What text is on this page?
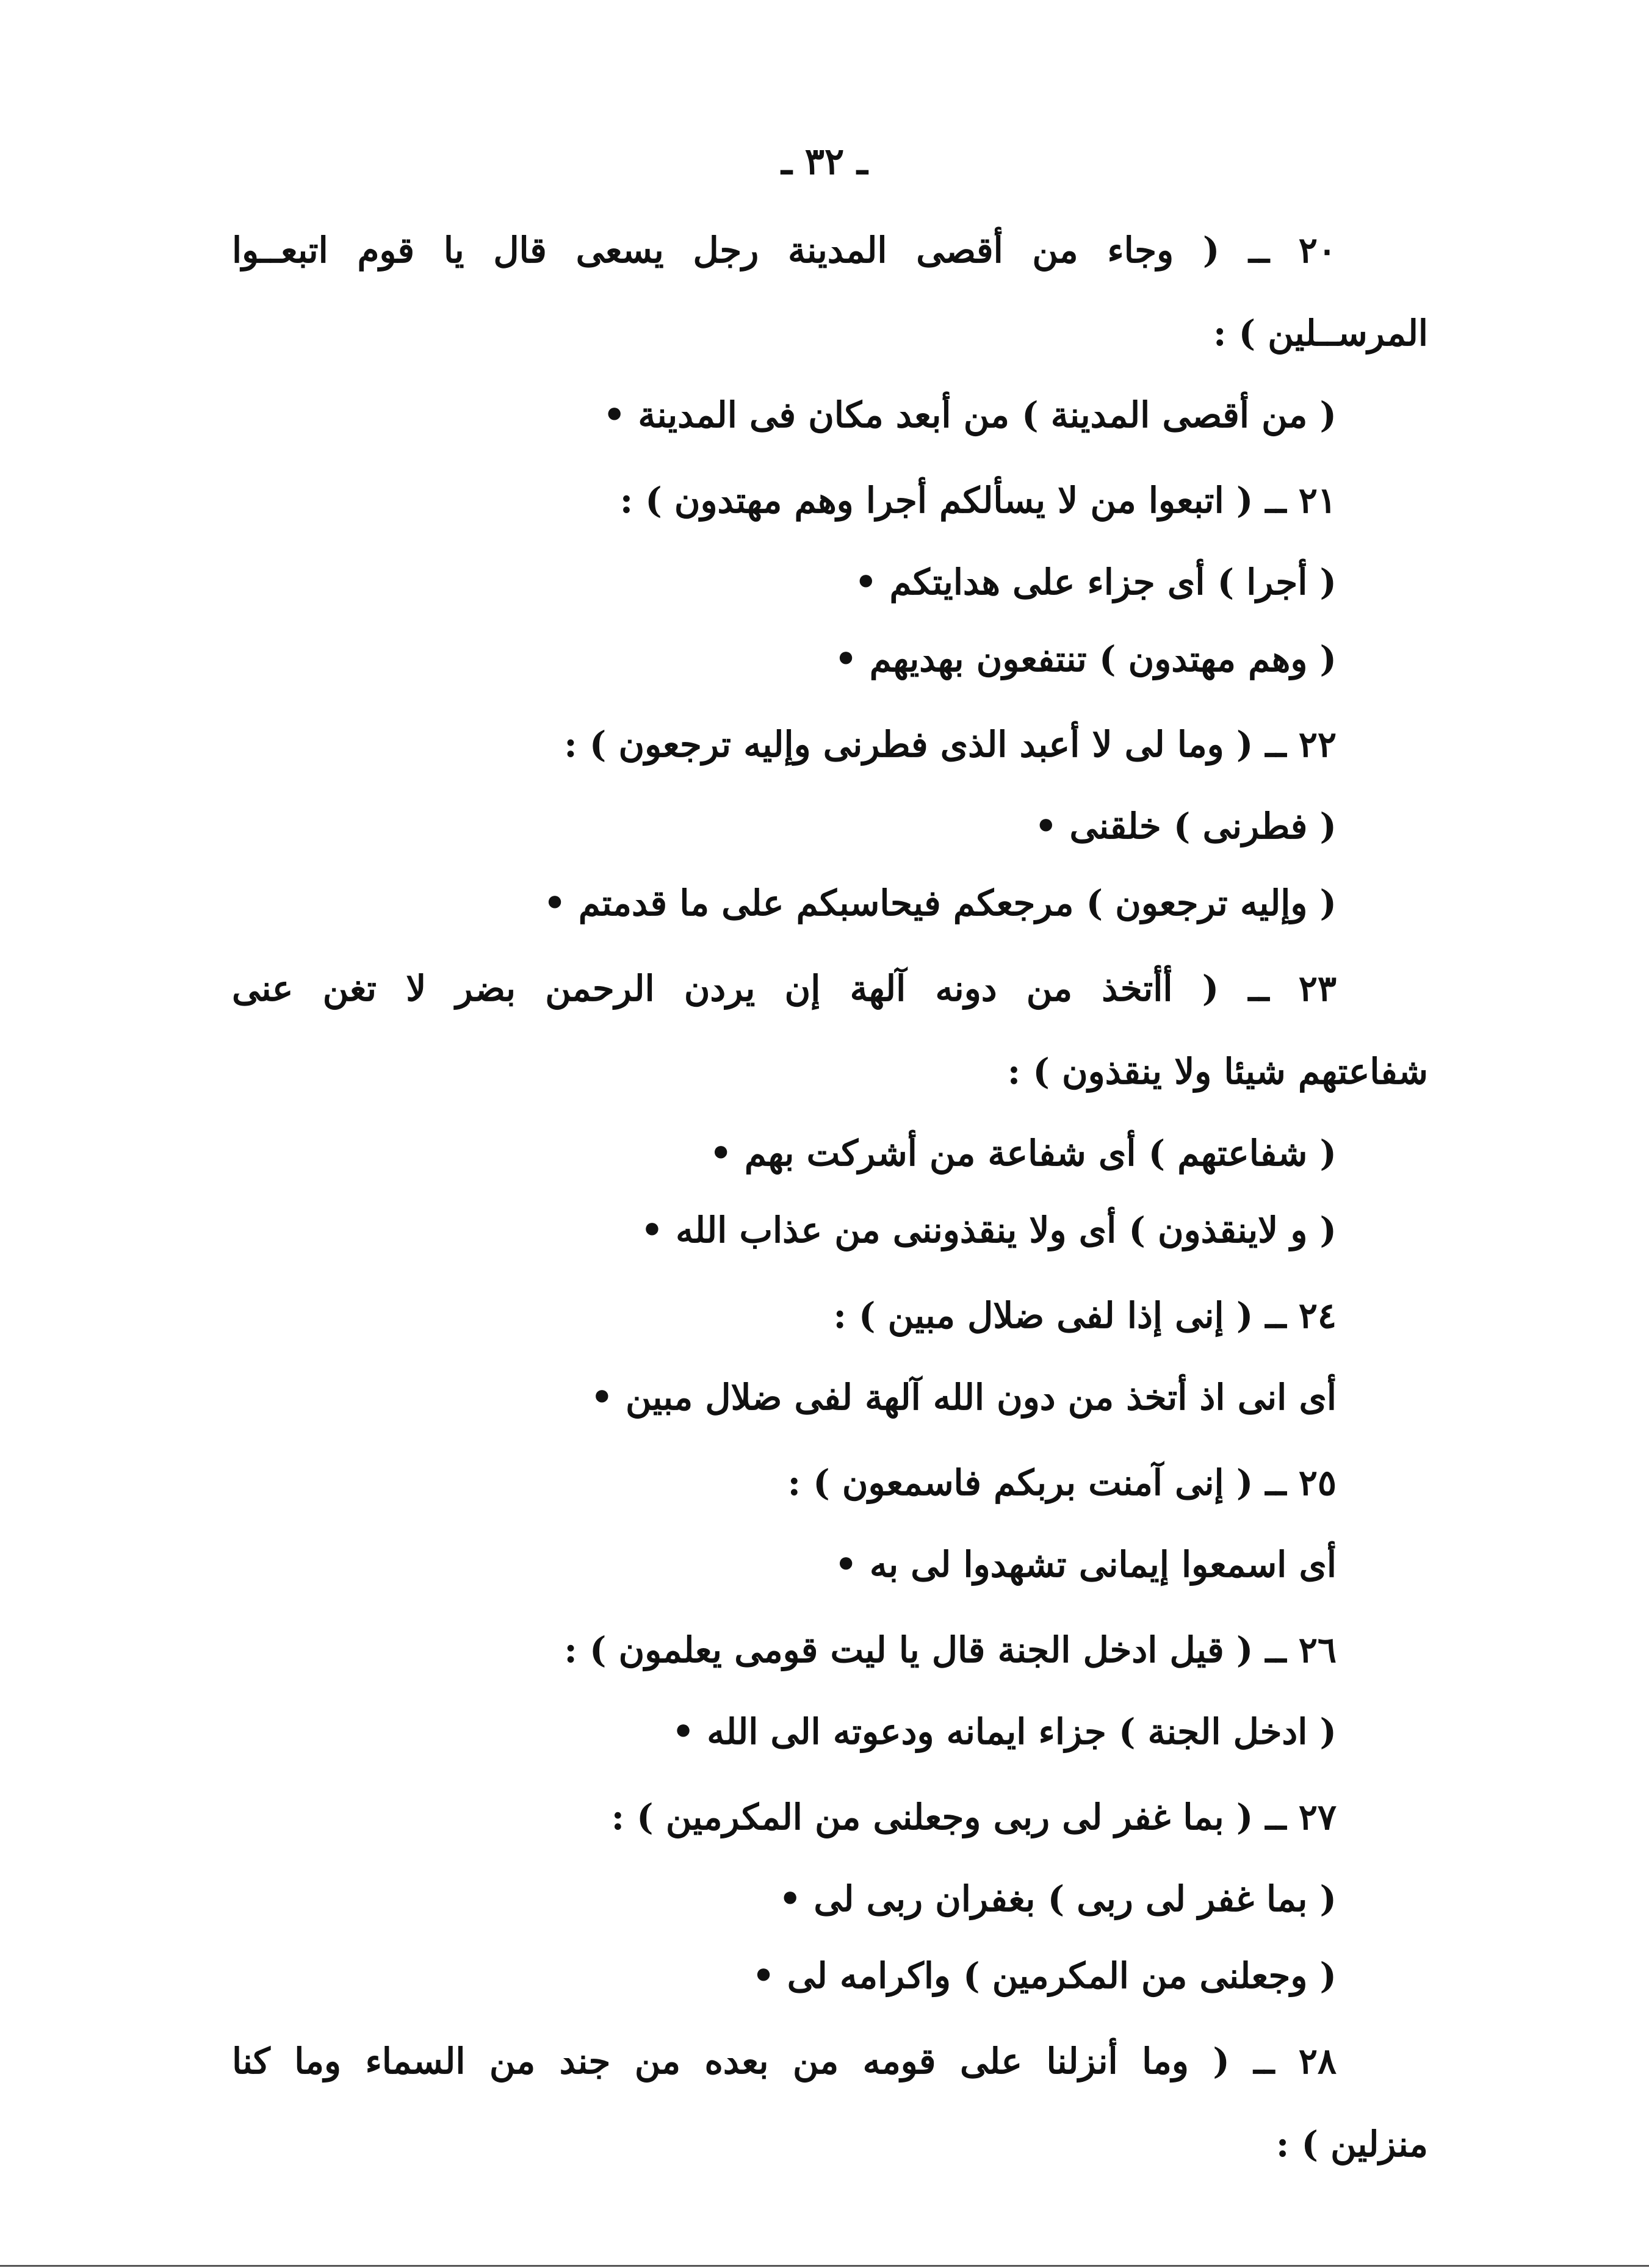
ـ ٣٢ ـ

٢٠ ــ ( وجاء من أقصى المدينة رجل يسعى قال يا قوم اتبعــوا

المرســلين ) :

( من أقصى المدينة ) من أبعد مكان فى المدينة •

٢١ ــ ( اتبعوا من لا يسألكم أجرا وهم مهتدون ) :

( أجرا ) أى جزاء على هدايتكم •

( وهم مهتدون ) تنتفعون بهديهم •

٢٢ ــ ( وما لى لا أعبد الذى فطرنى وإليه ترجعون ) :

( فطرنى ) خلقنى •

( وإليه ترجعون ) مرجعكم فيحاسبكم على ما قدمتم •

٢٣ ــ ( أأتخذ من دونه آلهة إن يردن الرحمن بضر لا تغن عنى

شفاعتهم شيئا ولا ينقذون ) :

( شفاعتهم ) أى شفاعة من أشركت بهم •

( و لاينقذون ) أى ولا ينقذوننى من عذاب الله •

٢٤ ــ ( إنى إذا لفى ضلال مبين ) :

أى انى اذ أتخذ من دون الله آلهة لفى ضلال مبين •

٢٥ ــ ( إنى آمنت بربكم فاسمعون ) :

أى اسمعوا إيمانى تشهدوا لى به •

٢٦ ــ ( قيل ادخل الجنة قال يا ليت قومى يعلمون ) :

( ادخل الجنة ) جزاء ايمانه ودعوته الى الله •

٢٧ ــ ( بما غفر لى ربى وجعلنى من المكرمين ) :

( بما غفر لى ربى ) بغفران ربى لى •

( وجعلنى من المكرمين ) واكرامه لى •

٢٨ ــ ( وما أنزلنا على قومه من بعده من جند من السماء وما كنا

منزلين ) :
